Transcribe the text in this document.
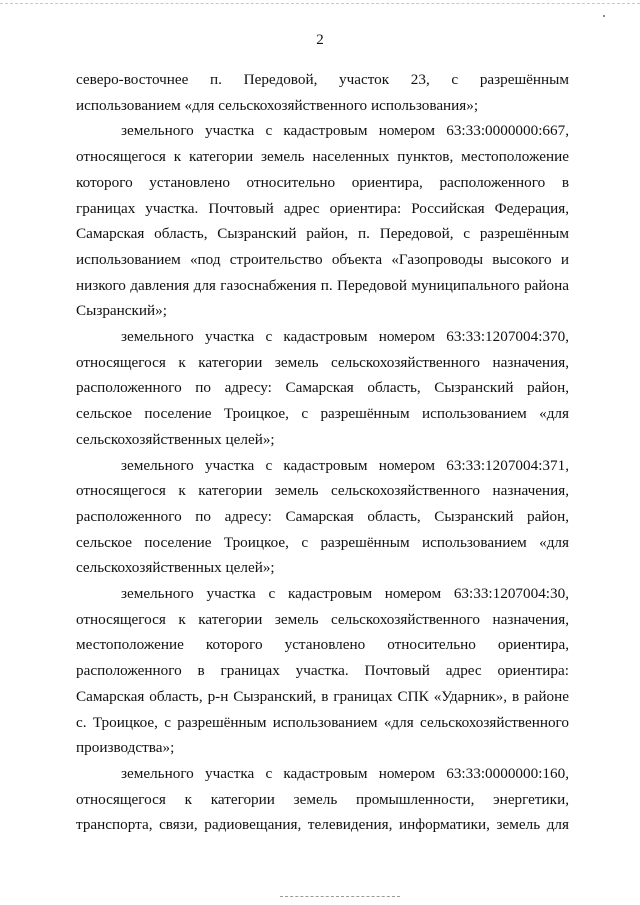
2
северо-восточнее п. Передовой, участок 23, с разрешённым
использованием «для сельскохозяйственного использования»;
земельного участка с кадастровым номером 63:33:0000000:667,
относящегося к категории земель населенных пунктов, местоположение
которого установлено относительно ориентира, расположенного в
границах участка. Почтовый адрес ориентира: Российская Федерация,
Самарская область, Сызранский район, п. Передовой, с разрешённым
использованием «под строительство объекта «Газопроводы высокого и
низкого давления для газоснабжения п. Передовой муниципального района
Сызранский»;
земельного участка с кадастровым номером 63:33:1207004:370,
относящегося к категории земель сельскохозяйственного назначения,
расположенного по адресу: Самарская область, Сызранский район,
сельское поселение Троицкое, с разрешённым использованием «для
сельскохозяйственных целей»;
земельного участка с кадастровым номером 63:33:1207004:371,
относящегося к категории земель сельскохозяйственного назначения,
расположенного по адресу: Самарская область, Сызранский район,
сельское поселение Троицкое, с разрешённым использованием «для
сельскохозяйственных целей»;
земельного участка с кадастровым номером 63:33:1207004:30,
относящегося к категории земель сельскохозяйственного назначения,
местоположение которого установлено относительно ориентира,
расположенного в границах участка. Почтовый адрес ориентира:
Самарская область, р-н Сызранский, в границах СПК «Ударник», в районе
с. Троицкое, с разрешённым использованием «для сельскохозяйственного
производства»;
земельного участка с кадастровым номером 63:33:0000000:160,
относящегося к категории земель промышленности, энергетики,
транспорта, связи, радиовещания, телевидения, информатики, земель для
